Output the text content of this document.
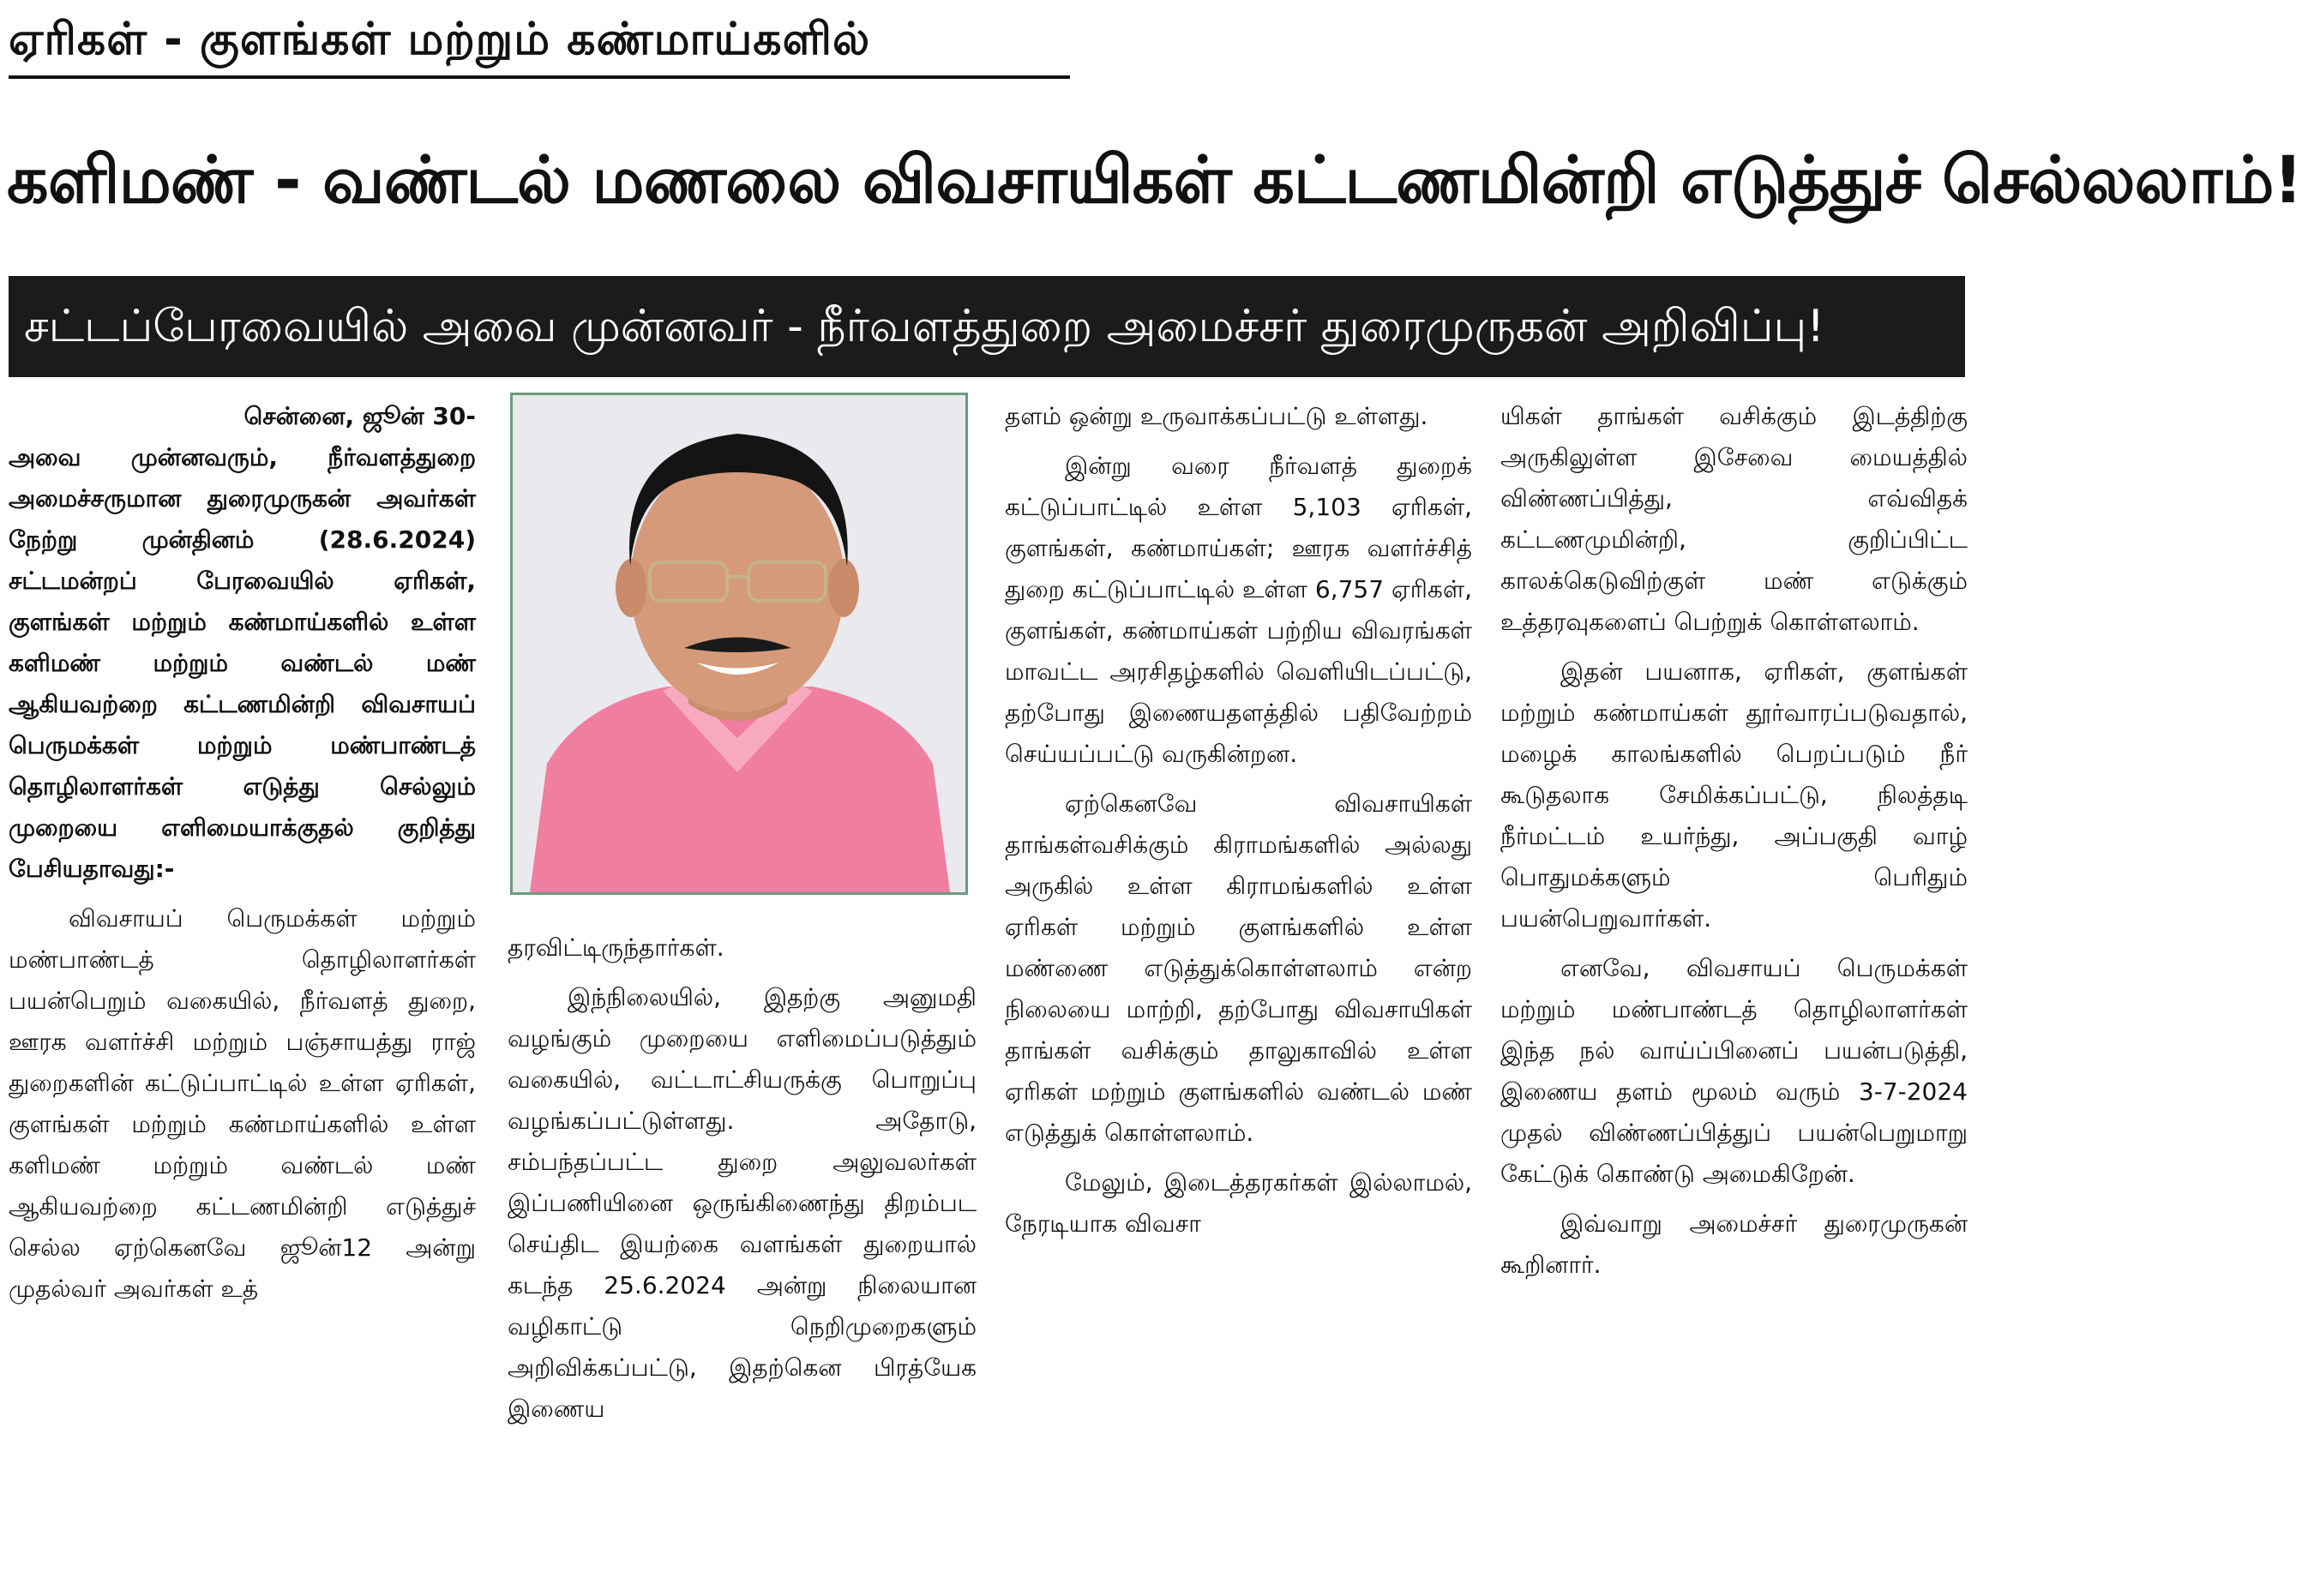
ஏரிகள் - குளங்கள் மற்றும் கண்மாய்களில்
களிமண் - வண்டல் மணலை விவசாயிகள் கட்டணமின்றி எடுத்துச் செல்லலாம்!
சட்டப்பேரவையில் அவை முன்னவர் - நீர்வளத்துறை அமைச்சர் துரைமுருகன் அறிவிப்பு!

சென்னை, ஜூன் 30-
அவை முன்னவரும், நீர்வளத்துறை அமைச்சருமான துரைமுருகன் அவர்கள் நேற்று முன்தினம் (28.6.2024) சட்டமன்றப் பேரவையில் ஏரிகள், குளங்கள் மற்றும் கண்மாய்களில் உள்ள களிமண் மற்றும் வண்டல் மண் ஆகியவற்றை கட்டணமின்றி விவசாயப் பெருமக்கள் மற்றும் மண்பாண்டத் தொழிலாளர்கள் எடுத்து செல்லும் முறையை எளிமையாக்குதல் குறித்து பேசியதாவது:-

விவசாயப் பெருமக்கள் மற்றும் மண்பாண்டத் தொழிலாளர்கள் பயன்பெறும் வகையில், நீர்வளத் துறை, ஊரக வளர்ச்சி மற்றும் பஞ்சாயத்து ராஜ் துறைகளின் கட்டுப்பாட்டில் உள்ள ஏரிகள், குளங்கள் மற்றும் கண்மாய்களில் உள்ள களிமண் மற்றும் வண்டல் மண் ஆகியவற்றை கட்டணமின்றி எடுத்துச் செல்ல ஏற்கெனவே ஜூன்12 அன்று முதல்வர் அவர்கள் உத்

தரவிட்டிருந்தார்கள்.

இந்நிலையில், இதற்கு அனுமதி வழங்கும் முறையை எளிமைப்படுத்தும் வகையில், வட்டாட்சியருக்கு பொறுப்பு வழங்கப்பட்டுள்ளது. அதோடு, சம்பந்தப்பட்ட துறை அலுவலர்கள் இப்பணியினை ஒருங்கிணைந்து திறம்பட செய்திட இயற்கை வளங்கள் துறையால் கடந்த 25.6.2024 அன்று நிலையான வழிகாட்டு நெறிமுறைகளும் அறிவிக்கப்பட்டு, இதற்கென பிரத்யேக இணைய

தளம் ஒன்று உருவாக்கப்பட்டு உள்ளது.

இன்று வரை நீர்வளத் துறைக் கட்டுப்பாட்டில் உள்ள 5,103 ஏரிகள், குளங்கள், கண்மாய்கள்; ஊரக வளர்ச்சித் துறை கட்டுப்பாட்டில் உள்ள 6,757 ஏரிகள், குளங்கள், கண்மாய்கள் பற்றிய விவரங்கள் மாவட்ட அரசிதழ்களில் வெளியிடப்பட்டு, தற்போது இணையதளத்தில் பதிவேற்றம் செய்யப்பட்டு வருகின்றன.

ஏற்கெனவே விவசாயிகள் தாங்கள்வசிக்கும் கிராமங்களில் அல்லது அருகில் உள்ள கிராமங்களில் உள்ள ஏரிகள் மற்றும் குளங்களில் உள்ள மண்ணை எடுத்துக்கொள்ளலாம் என்ற நிலையை மாற்றி, தற்போது விவசாயிகள் தாங்கள் வசிக்கும் தாலுகாவில் உள்ள ஏரிகள் மற்றும் குளங்களில் வண்டல் மண் எடுத்துக் கொள்ளலாம்.

மேலும், இடைத்தரகர்கள் இல்லாமல், நேரடியாக விவசா

யிகள் தாங்கள் வசிக்கும் இடத்திற்கு அருகிலுள்ள இசேவை மையத்தில் விண்ணப்பித்து, எவ்விதக் கட்டணமுமின்றி, குறிப்பிட்ட காலக்கெடுவிற்குள் மண் எடுக்கும் உத்தரவுகளைப் பெற்றுக் கொள்ளலாம்.

இதன் பயனாக, ஏரிகள், குளங்கள் மற்றும் கண்மாய்கள் தூர்வாரப்படுவதால், மழைக் காலங்களில் பெறப்படும் நீர் கூடுதலாக சேமிக்கப்பட்டு, நிலத்தடி நீர்மட்டம் உயர்ந்து, அப்பகுதி வாழ் பொதுமக்களும் பெரிதும் பயன்பெறுவார்கள்.

எனவே, விவசாயப் பெருமக்கள் மற்றும் மண்பாண்டத் தொழிலாளர்கள் இந்த நல் வாய்ப்பினைப் பயன்படுத்தி, இணைய தளம் மூலம் வரும் 3-7-2024 முதல் விண்ணப்பித்துப் பயன்பெறுமாறு கேட்டுக் கொண்டு அமைகிறேன்.

இவ்வாறு அமைச்சர் துரைமுருகன் கூறினார்.
